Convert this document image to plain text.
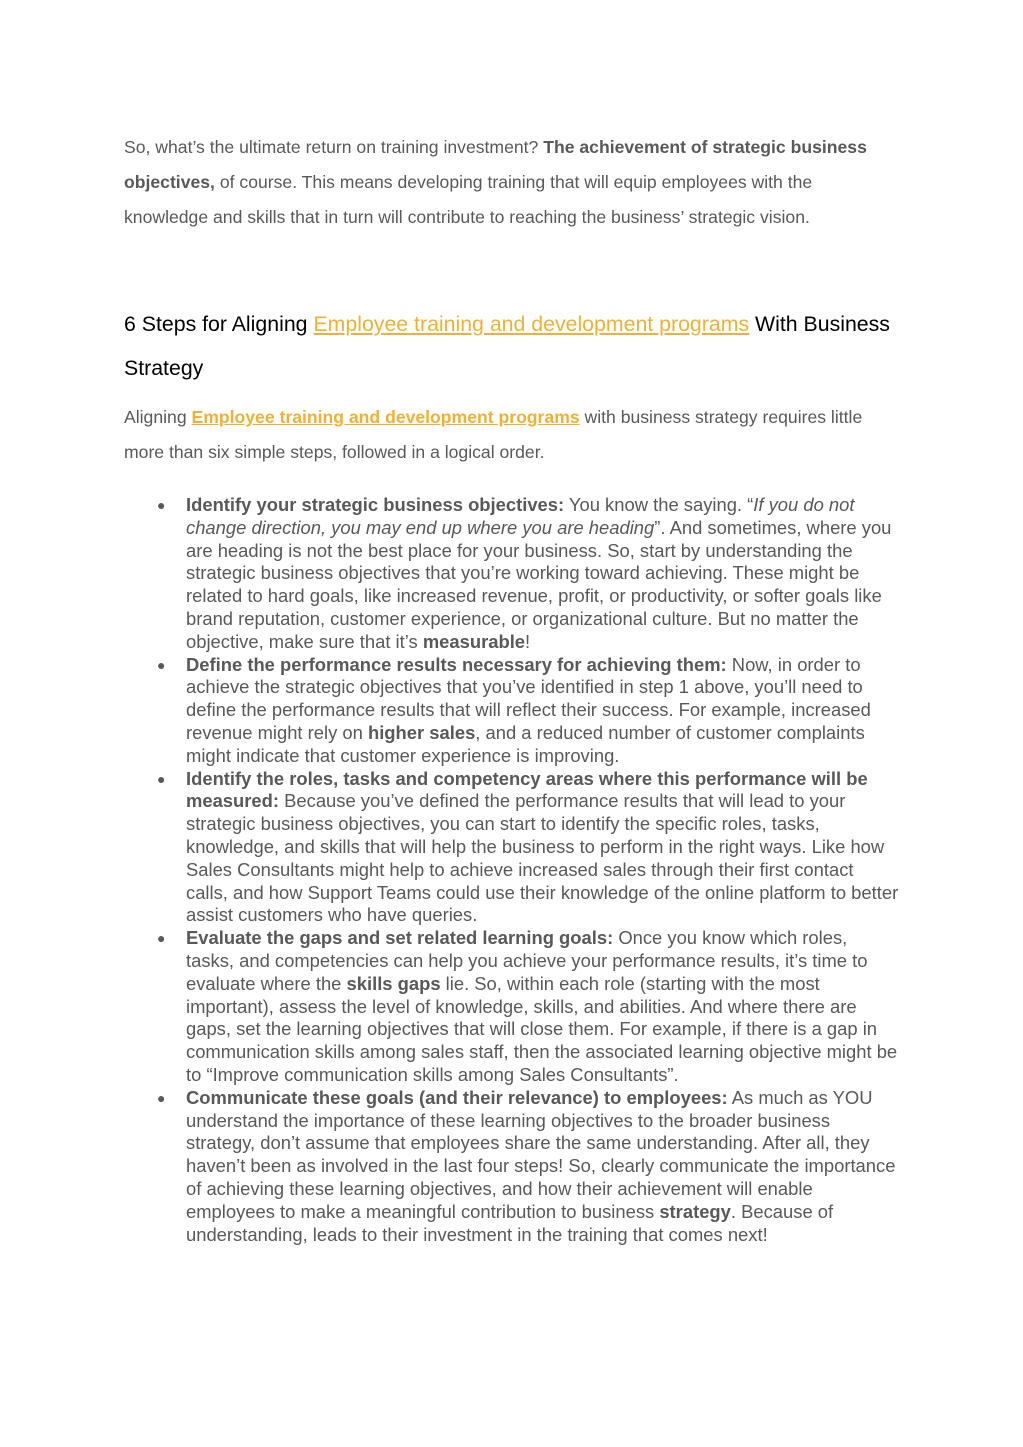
So, what’s the ultimate return on training investment? The achievement of strategic business objectives, of course. This means developing training that will equip employees with the knowledge and skills that in turn will contribute to reaching the business’ strategic vision.

6 Steps for Aligning Employee training and development programs With Business Strategy

Aligning Employee training and development programs with business strategy requires little more than six simple steps, followed in a logical order.

● Identify your strategic business objectives: You know the saying. “If you do not change direction, you may end up where you are heading”. And sometimes, where you are heading is not the best place for your business. So, start by understanding the strategic business objectives that you’re working toward achieving. These might be related to hard goals, like increased revenue, profit, or productivity, or softer goals like brand reputation, customer experience, or organizational culture. But no matter the objective, make sure that it’s measurable!
● Define the performance results necessary for achieving them: Now, in order to achieve the strategic objectives that you’ve identified in step 1 above, you’ll need to define the performance results that will reflect their success. For example, increased revenue might rely on higher sales, and a reduced number of customer complaints might indicate that customer experience is improving.
● Identify the roles, tasks and competency areas where this performance will be measured: Because you’ve defined the performance results that will lead to your strategic business objectives, you can start to identify the specific roles, tasks, knowledge, and skills that will help the business to perform in the right ways. Like how Sales Consultants might help to achieve increased sales through their first contact calls, and how Support Teams could use their knowledge of the online platform to better assist customers who have queries.
● Evaluate the gaps and set related learning goals: Once you know which roles, tasks, and competencies can help you achieve your performance results, it’s time to evaluate where the skills gaps lie. So, within each role (starting with the most important), assess the level of knowledge, skills, and abilities. And where there are gaps, set the learning objectives that will close them. For example, if there is a gap in communication skills among sales staff, then the associated learning objective might be to “Improve communication skills among Sales Consultants”.
● Communicate these goals (and their relevance) to employees: As much as YOU understand the importance of these learning objectives to the broader business strategy, don’t assume that employees share the same understanding. After all, they haven’t been as involved in the last four steps! So, clearly communicate the importance of achieving these learning objectives, and how their achievement will enable employees to make a meaningful contribution to business strategy. Because of understanding, leads to their investment in the training that comes next!
